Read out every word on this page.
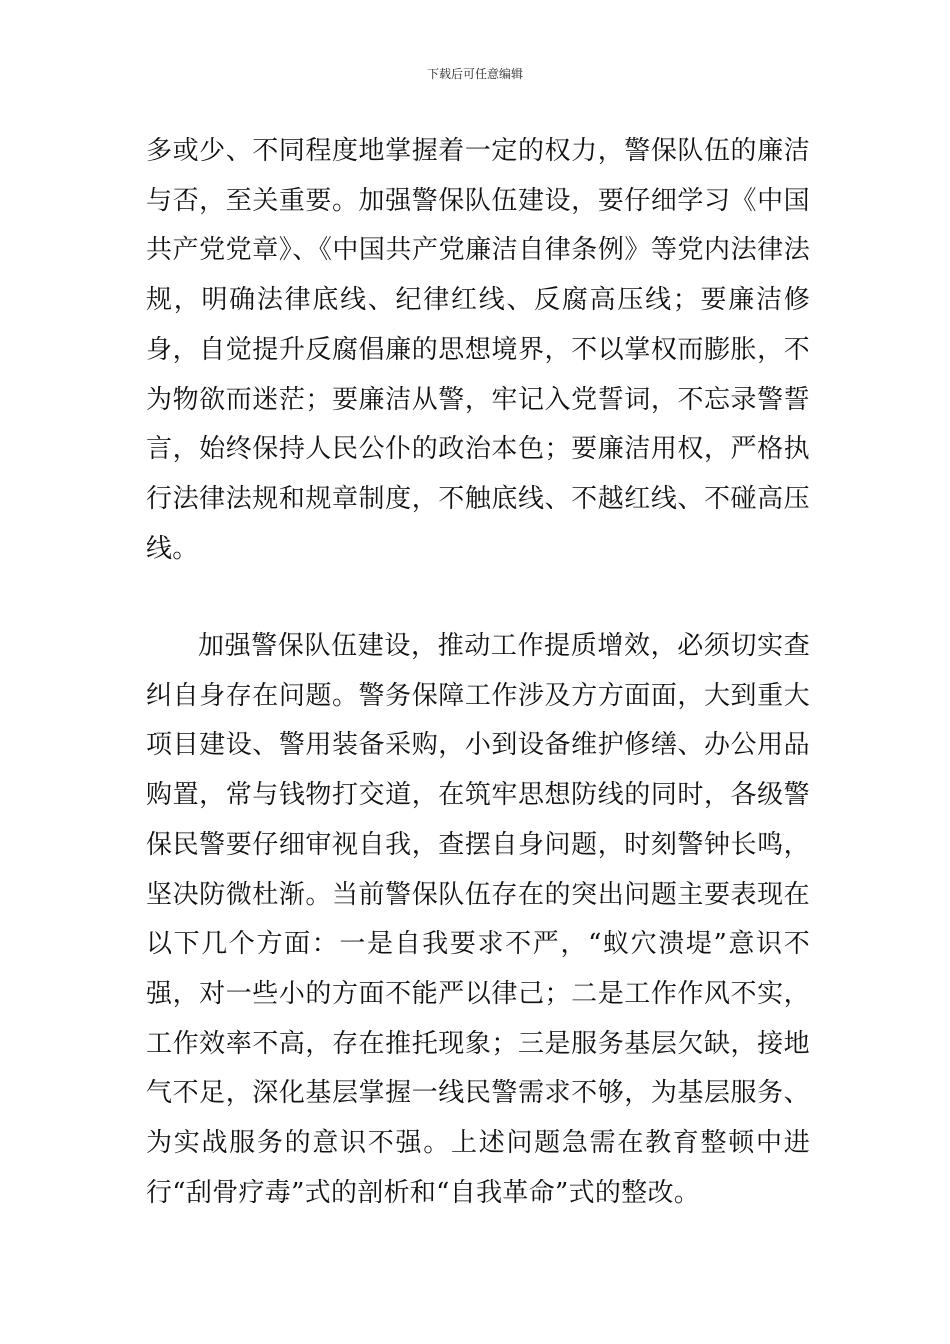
下载后可任意编辑

多或少、不同程度地掌握着一定的权力，警保队伍的廉洁与否，至关重要。加强警保队伍建设，要仔细学习《中国共产党党章》、《中国共产党廉洁自律条例》等党内法律法规，明确法律底线、纪律红线、反腐高压线；要廉洁修身，自觉提升反腐倡廉的思想境界，不以掌权而膨胀，不为物欲而迷茫；要廉洁从警，牢记入党誓词，不忘录警誓言，始终保持人民公仆的政治本色；要廉洁用权，严格执行法律法规和规章制度，不触底线、不越红线、不碰高压线。

加强警保队伍建设，推动工作提质增效，必须切实查纠自身存在问题。警务保障工作涉及方方面面，大到重大项目建设、警用装备采购，小到设备维护修缮、办公用品购置，常与钱物打交道，在筑牢思想防线的同时，各级警保民警要仔细审视自我，查摆自身问题，时刻警钟长鸣，坚决防微杜渐。当前警保队伍存在的突出问题主要表现在以下几个方面：一是自我要求不严，“蚁穴溃堤”意识不强，对一些小的方面不能严以律己；二是工作作风不实，工作效率不高，存在推托现象；三是服务基层欠缺，接地气不足，深化基层掌握一线民警需求不够，为基层服务、为实战服务的意识不强。上述问题急需在教育整顿中进行“刮骨疗毒”式的剖析和“自我革命”式的整改。
